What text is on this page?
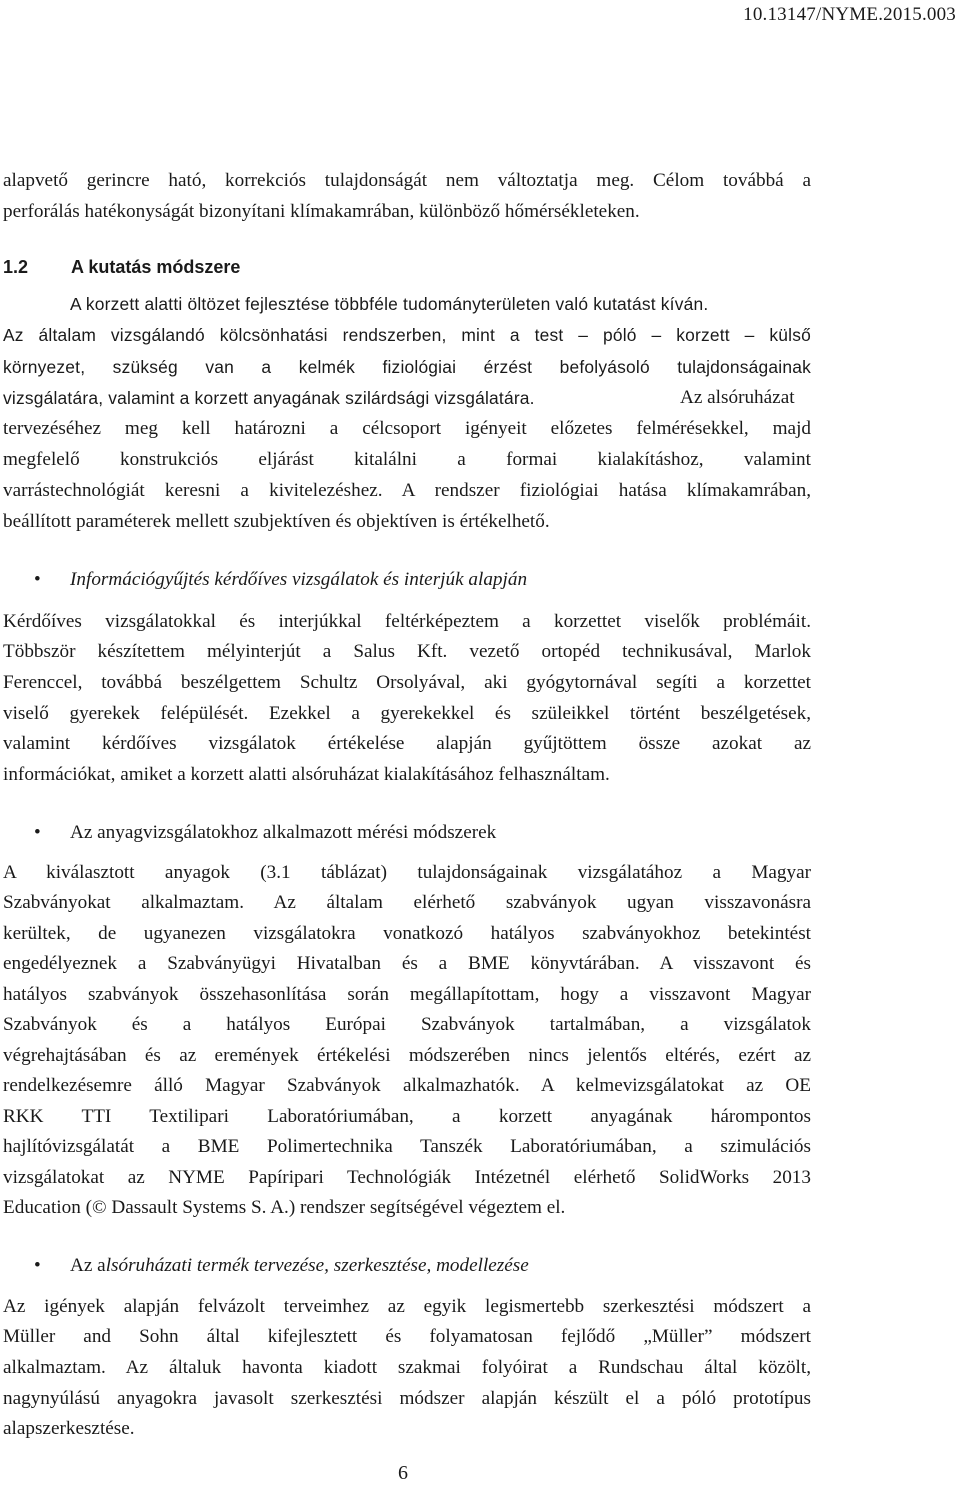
10.13147/NYME.2015.003
alapvető gerincre ható, korrekciós tulajdonságát nem változtatja meg. Célom továbbá a
perforálás hatékonyságát bizonyítani klímakamrában, különböző hőmérsékleteken.
1.2 A kutatás módszere
A korzett alatti öltözet fejlesztése többféle tudományterületen való kutatást kíván.
Az általam vizsgálandó kölcsönhatási rendszerben, mint a test – póló – korzett – külső
környezet, szükség van a kelmék fiziológiai érzést befolyásoló tulajdonságainak
vizsgálatára, valamint a korzett anyagának szilárdsági vizsgálatára.	Az alsóruházat
tervezéséhez meg kell határozni a célcsoport igényeit előzetes felmérésekkel, majd
megfelelő konstrukciós eljárást kitalálni a formai kialakításhoz, valamint
varrástechnológiát keresni a kivitelezéshez. A rendszer fiziológiai hatása klímakamrában,
beállított paraméterek mellett szubjektíven és objektíven is értékelhető.
•	Információgyűjtés kérdőíves vizsgálatok és interjúk alapján
Kérdőíves vizsgálatokkal és interjúkkal feltérképeztem a korzettet viselők problémáit.
Többször készítettem mélyinterjút a Salus Kft. vezető ortopéd technikusával, Marlok
Ferenccel, továbbá beszélgettem Schultz Orsolyával, aki gyógytornával segíti a korzettet
viselő gyerekek felépülését. Ezekkel a gyerekekkel és szüleikkel történt beszélgetések,
valamint kérdőíves vizsgálatok értékelése alapján gyűjtöttem össze azokat az
információkat, amiket a korzett alatti alsóruházat kialakításához felhasználtam.
•	Az anyagvizsgálatokhoz alkalmazott mérési módszerek
A kiválasztott anyagok (3.1 táblázat) tulajdonságainak vizsgálatához a Magyar
Szabványokat alkalmaztam. Az általam elérhető szabványok ugyan visszavonásra
kerültek, de ugyanezen vizsgálatokra vonatkozó hatályos szabványokhoz betekintést
engedélyeznek a Szabványügyi Hivatalban és a BME könyvtárában. A visszavont és
hatályos szabványok összehasonlítása során megállapítottam, hogy a visszavont Magyar
Szabványok és a hatályos Európai Szabványok tartalmában, a vizsgálatok
végrehajtásában és az eremények értékelési módszerében nincs jelentős eltérés, ezért az
rendelkezésemre álló Magyar Szabványok alkalmazhatók. A kelmevizsgálatokat az OE
RKK TTI Textilipari Laboratóriumában, a korzett anyagának hárompontos
hajlítóvizsgálatát a BME Polimertechnika Tanszék Laboratóriumában, a szimulációs
vizsgálatokat az NYME Papíripari Technológiák Intézetnél elérhető SolidWorks 2013
Education (© Dassault Systems S. A.) rendszer segítségével végeztem el.
•	Az alsóruházati termék tervezése, szerkesztése, modellezése
Az igények alapján felvázolt terveimhez az egyik legismertebb szerkesztési módszert a
Müller and Sohn által kifejlesztett és folyamatosan fejlődő „Müller” módszert
alkalmaztam. Az általuk havonta kiadott szakmai folyóirat a Rundschau által közölt,
nagynyúlású anyagokra javasolt szerkesztési módszer alapján készült el a póló prototípus
alapszerkesztése.
6
